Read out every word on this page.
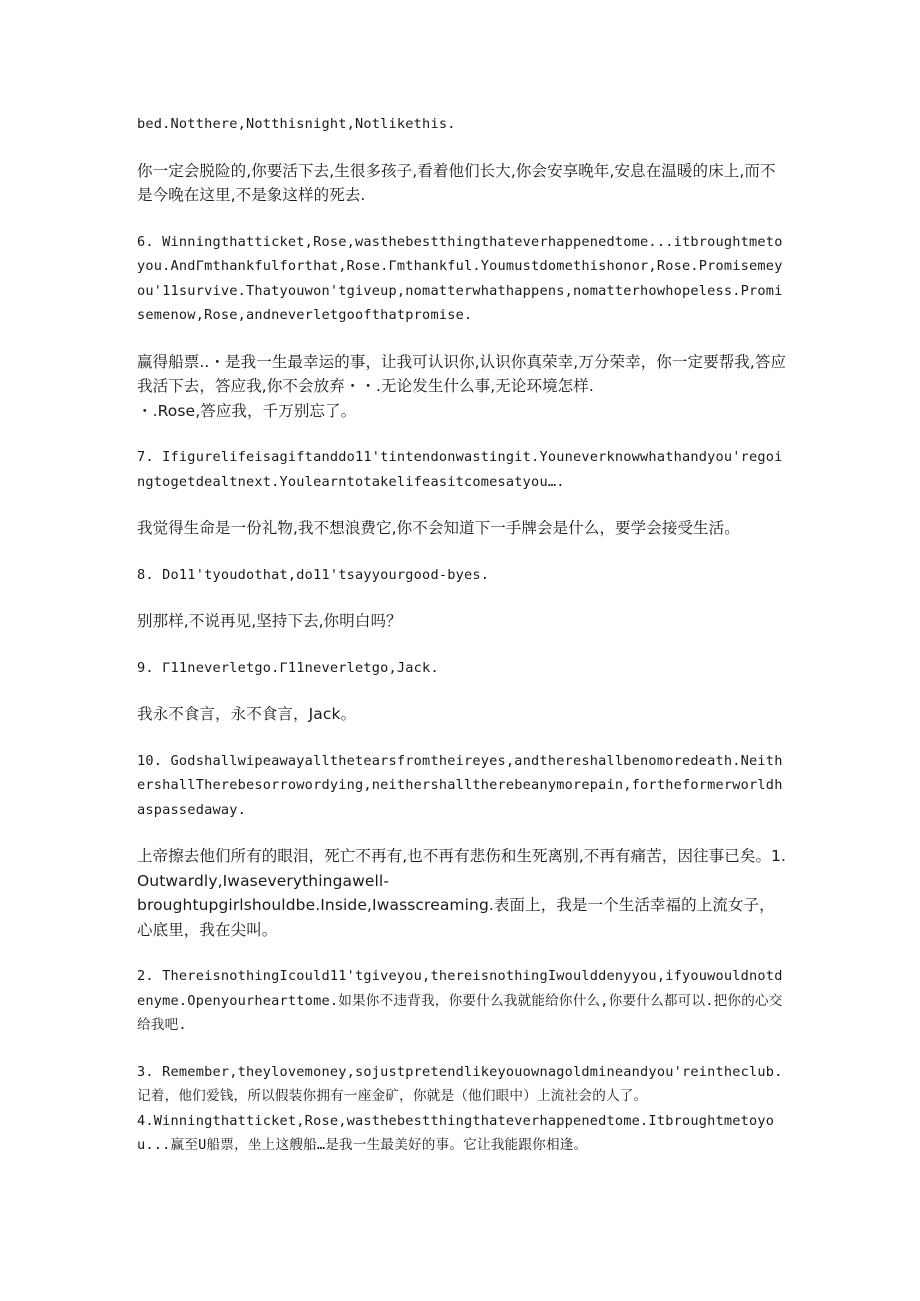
bed.Notthere,Notthisnight,Notlikethis.

你一定会脱险的,你要活下去,生很多孩子,看着他们长大,你会安享晚年,安息在温暖的床上,而不是今晚在这里,不是象这样的死去.

6. Winningthatticket,Rose,wasthebestthingthateverhappenedtome...itbroughtmetoyou.AndΓmthankfulforthat,Rose.Γmthankful.Youmustdomethishonor,Rose.Promisemeyou'11survive.Thatyouwon'tgiveup,nomatterwhathappens,nomatterhowhopeless.Promisemenow,Rose,andneverletgoofthatpromise.

赢得船票..・是我一生最幸运的事，让我可认识你,认识你真荣幸,万分荣幸，你一定要帮我,答应我活下去，答应我,你不会放弃・・.无论发生什么事,无论环境怎样.
・.Rose,答应我，千万别忘了。

7. Ifigurelifeisagiftanddo11'tintendonwastingit.Youneverknowwhathandyou'regoingtogetdealtnext.Youlearntotakelifeasitcomesatyou….

我觉得生命是一份礼物,我不想浪费它,你不会知道下一手牌会是什么，要学会接受生活。

8. Do11'tyoudothat,do11'tsayyourgood-byes.

别那样,不说再见,坚持下去,你明白吗？

9. Γ11neverletgo.Γ11neverletgo,Jack.

我永不食言，永不食言，Jack。

10. Godshallwipeawayallthetearsfromtheireyes,andthereshallbenomoredeath.NeithershallTherebesorrowordying,neithershalltherebeanymorepain,fortheformerworldhaspassedaway.

上帝擦去他们所有的眼泪，死亡不再有,也不再有悲伤和生死离别,不再有痛苦，因往事已矣。1.Outwardly,Iwaseverythingawell-
broughtupgirlshouldbe.Inside,Iwasscreaming.表面上，我是一个生活幸福的上流女子，心底里，我在尖叫。

2. ThereisnothingIcould11'tgiveyou,thereisnothingIwoulddenyyou,ifyouwouldnotdenyme.Openyourhearttome.如果你不违背我，你要什么我就能给你什么,你要什么都可以.把你的心交给我吧.

3. Remember,theylovemoney,sojustpretendlikeyouownagoldmineandyou'reintheclub.记着，他们爱钱，所以假装你拥有一座金矿，你就是（他们眼中）上流社会的人了。
4.Winningthatticket,Rose,wasthebestthingthateverhappenedtome.Itbroughtmetoyou...赢至U船票，坐上这艘船…是我一生最美好的事。它让我能跟你相逢。
